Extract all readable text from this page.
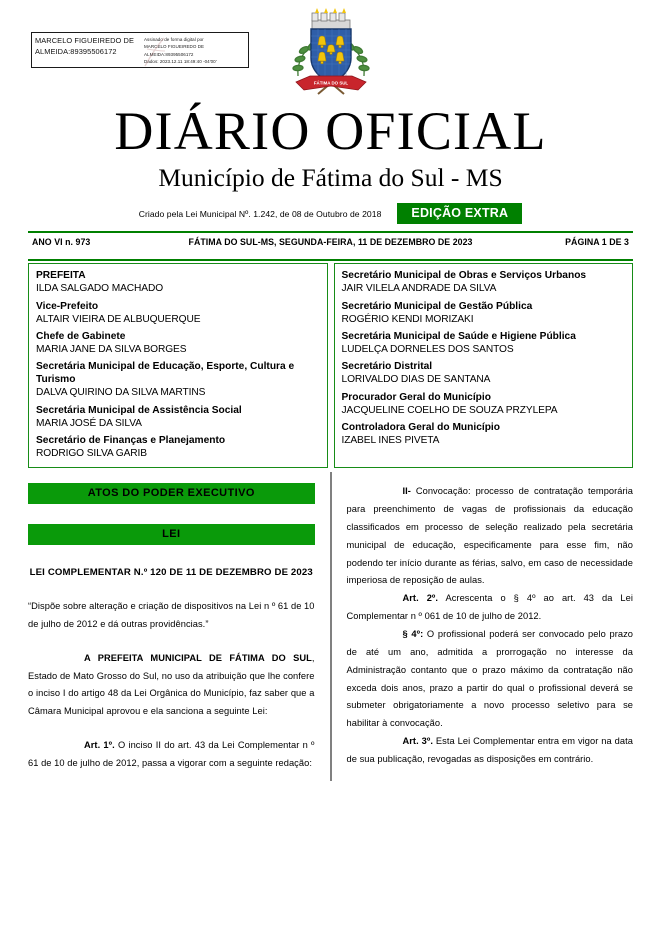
MARCELO FIGUEIREDO DE
ALMEIDA:89395506172
Assinado de forma digital por
MARCELO FIGUEIREDO DE
ALMEIDA:89395506172
Dados: 2023.12.11 18:49:40 -04'00'
FÁTIMA DO SUL
DIÁRIO OFICIAL
Município de Fátima do Sul - MS
Criado pela Lei Municipal Nº. 1.242, de 08 de Outubro de 2018	EDIÇÃO EXTRA
ANO VI n. 973	FÁTIMA DO SUL-MS, SEGUNDA-FEIRA, 11 DE DEZEMBRO DE 2023	PÁGINA 1 DE 3
PREFEITA
ILDA SALGADO MACHADO
Vice-Prefeito
ALTAIR VIEIRA DE ALBUQUERQUE
Chefe de Gabinete
MARIA JANE DA SILVA BORGES
Secretária Municipal de Educação, Esporte, Cultura e Turismo
DALVA QUIRINO DA SILVA MARTINS
Secretária Municipal de Assistência Social
MARIA JOSÉ DA SILVA
Secretário de Finanças e Planejamento
RODRIGO SILVA GARIB
Secretário Municipal de Obras e Serviços Urbanos
JAIR VILELA ANDRADE DA SILVA
Secretário Municipal de Gestão Pública
ROGÉRIO KENDI MORIZAKI
Secretária Municipal de Saúde e Higiene Pública
LUDELÇA DORNELES DOS SANTOS
Secretário Distrital
LORIVALDO DIAS DE SANTANA
Procurador Geral do Município
JACQUELINE COELHO DE SOUZA PRZYLEPA
Controladora Geral do Município
IZABEL INES PIVETA
ATOS DO PODER EXECUTIVO
LEI
LEI COMPLEMENTAR N.º 120 DE 11 DE DEZEMBRO DE 2023

“Dispõe sobre alteração e criação de dispositivos na Lei n º 61 de 10 de julho de 2012 e dá outras providências.”

A PREFEITA MUNICIPAL DE FÁTIMA DO SUL, Estado de Mato Grosso do Sul, no uso da atribuição que lhe confere o inciso I do artigo 48 da Lei Orgânica do Município, faz saber que a Câmara Municipal aprovou e ela sanciona a seguinte Lei:

Art. 1º. O inciso II do art. 43 da Lei Complementar n º 61 de 10 de julho de 2012, passa a vigorar com a seguinte redação:

II- Convocação: processo de contratação temporária para preenchimento de vagas de profissionais da educação classificados em processo de seleção realizado pela secretária municipal de educação, especificamente para esse fim, não podendo ter início durante as férias, salvo, em caso de necessidade imperiosa de reposição de aulas.

Art. 2º. Acrescenta o § 4º ao art. 43 da Lei Complementar n º 061 de 10 de julho de 2012.

§ 4º: O profissional poderá ser convocado pelo prazo de até um ano, admitida a prorrogação no interesse da Administração contanto que o prazo máximo da contratação não exceda dois anos, prazo a partir do qual o profissional deverá se submeter obrigatoriamente a novo processo seletivo para se habilitar à convocação.

Art. 3º. Esta Lei Complementar entra em vigor na data de sua publicação, revogadas as disposições em contrário.
